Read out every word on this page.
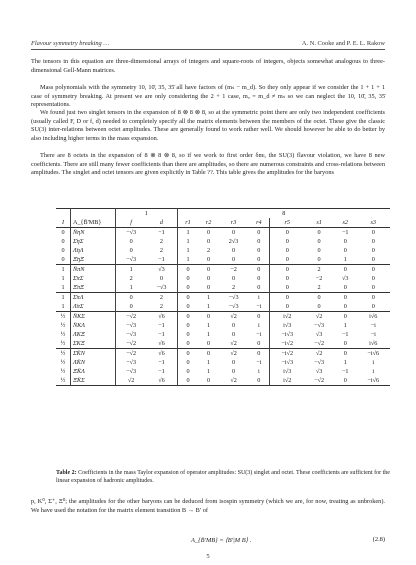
Flavour symmetry breaking …	A. N. Cooke and P. E. L. Rakow

The tensors in this equation are three-dimensional arrays of integers and square-roots of integers, objects somewhat analogous to three-dimensional Gell-Mann matrices.

Mass polynomials with the symmetry 10, 10̄, 35, 35̄ all have factors of (mₛ − m_d). So they only appear if we consider the 1 + 1 + 1 case of symmetry breaking. At present we are only considering the 2 + 1 case, mᵤ = m_d ≠ mₛ so we can neglect the 10, 10̄, 35, 35̄ representations.

We found just two singlet tensors in the expansion of 8 ⊗ 8 ⊗ 8, so at the symmetric point there are only two independent coefficients (usually called F, D or f, d) needed to completely specify all the matrix elements between the members of the octet. These give the classic SU(3) inter-relations between octet amplitudes. These are generally found to work rather well. We should however be able to do better by also including higher terms in the mass expansion.

There are 8 octets in the expansion of 8 ⊗ 8 ⊗ 8, so if we work to first order δmₗ, the SU(3) flavour violation, we have 8 new coefficients. There are still many fewer coefficients than there are amplitudes, so there are numerous constraints and cross-relations between amplitudes. The singlet and octet tensors are given explicitly in Table ??. This table gives the amplitudes for the baryons

		1		8							
I	A_{B̄'MB}	f	d	r1	r2	r3	r4	r5	s1	s2	s3
0	N̄ηN	−√3	−1	1	0	0	0	0	0	−1	0
0	Σ̄ηΣ	0	2	1	0	2√3	0	0	0	0	0
0	Λ̄ηΛ	0	2	1	2	0	0	0	0	0	0
0	Ξ̄ηΞ	−√3	−1	1	0	0	0	0	0	1	0
1	N̄πN	1	√3	0	0	−2	0	0	2	0	0
1	Σ̄πΣ	2	0	0	0	0	0	0	−2	√3	0
1	Ξ̄πΞ	1	−√3	0	0	2	0	0	2	0	0
1	Σ̄πΛ	0	2	0	1	−√3	i	0	0	0	0
1	Λ̄πΣ	0	2	0	1	−√3	−i	0	0	0	0
½	N̄KΣ	−√2	√6	0	0	√2	0	i√2	√2	0	i√6
½	N̄KΛ	−√3	−1	0	1	0	i	i√3	−√3	1	−i
½	Λ̄KΞ	−√3	−1	0	1	0	−i	−i√3	√3	−1	−i
½	Σ̄KΞ	−√2	√6	0	0	√2	0	−i√2	−√2	0	i√6
½	Σ̄K̄N	−√2	√6	0	0	√2	0	−i√2	√2	0	−i√6
½	Λ̄K̄N	−√3	−1	0	1	0	−i	−i√3	−√3	1	i
½	Ξ̄K̄Λ	−√3	−1	0	1	0	i	i√3	√3	−1	i
½	Ξ̄K̄Σ	√2	√6	0	0	√2	0	i√2	−√2	0	−i√6
Table 2: Coefficients in the mass Taylor expansion of operator amplitudes: SU(3) singlet and octet. These coefficients are sufficient for the linear expansion of hadronic amplitudes.

p, K⁰, Σ⁺, Ξ⁰; the amplitudes for the other baryons can be deduced from isospin symmetry (which we are, for now, treating as unbroken). We have used the notation for the matrix element transition B → B′ of

A_{B̄′MB} = ⟨B′|M B⟩ .	(2.8)
5
